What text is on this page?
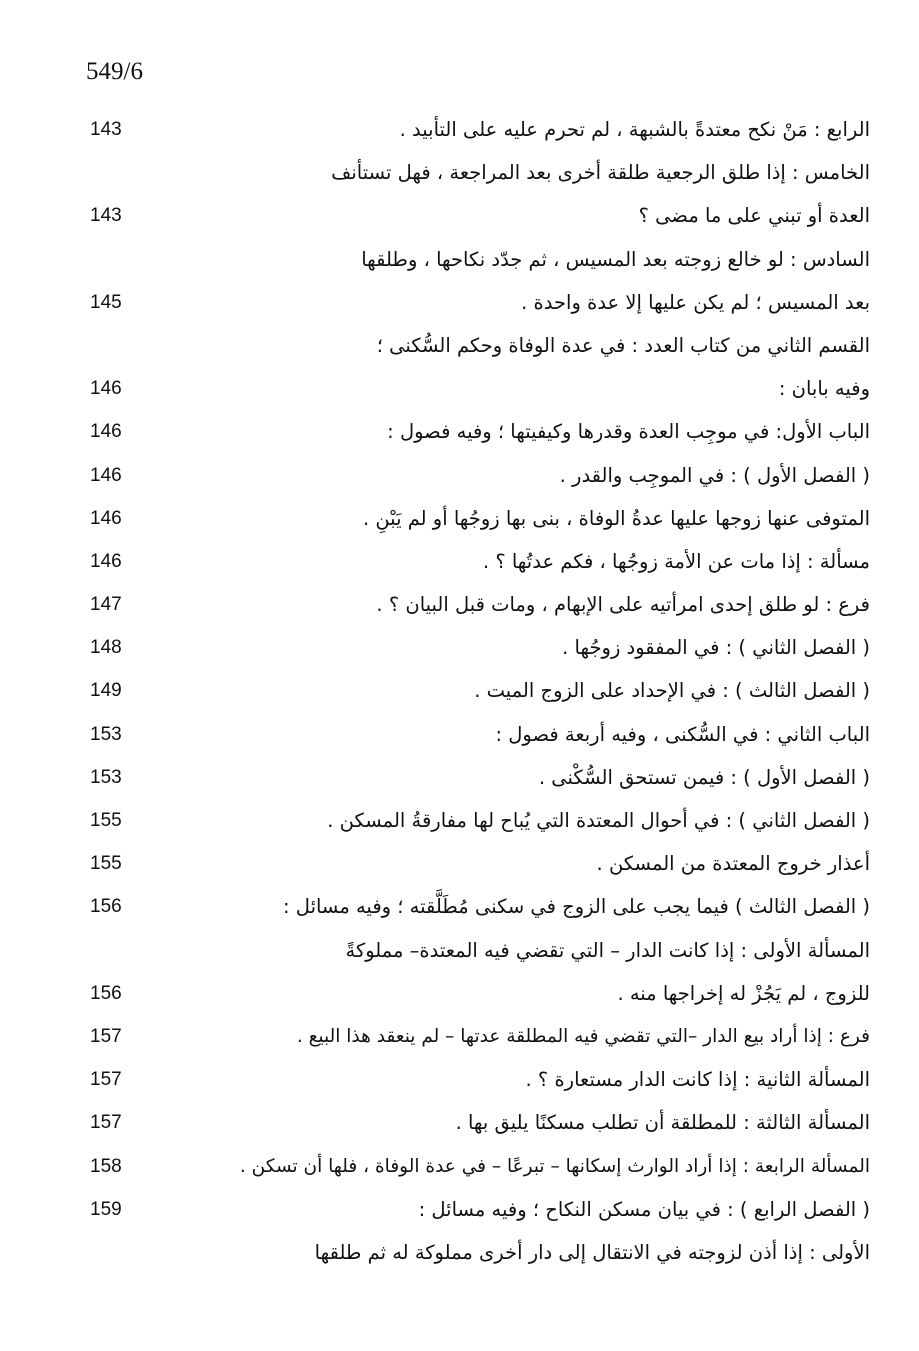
549/6
الرابع : مَنْ نكح معتدةً بالشبهة ، لم تحرم عليه على التأبيد .
143
الخامس : إذا طلق الرجعية طلقة أخرى بعد المراجعة ، فهل تستأنف
العدة أو تبني على ما مضى ؟
143
السادس : لو خالع زوجته بعد المسيس ، ثم جدّد نكاحها ، وطلقها
بعد المسيس ؛ لم يكن عليها إلا عدة واحدة .
145
القسم الثاني من كتاب العدد : في عدة الوفاة وحكم السُّكنى ؛
وفيه بابان :
146
الباب الأول: في موجِب العدة وقدرها وكيفيتها ؛ وفيه فصول :
146
( الفصل الأول ) : في الموجِب والقدر .
146
المتوفى عنها زوجها عليها عدةُ الوفاة ، بنى بها زوجُها أو لم يَبْنِ .
146
مسألة : إذا مات عن الأمة زوجُها ، فكم عدتُها ؟ .
146
فرع : لو طلق إحدى امرأتيه على الإبهام ، ومات قبل البيان ؟ .
147
( الفصل الثاني ) : في المفقود زوجُها .
148
( الفصل الثالث ) : في الإحداد على الزوج الميت .
149
الباب الثاني : في السُّكنى ، وفيه أربعة فصول :
153
( الفصل الأول ) : فيمن تستحق السُّكْنى .
153
( الفصل الثاني ) : في أحوال المعتدة التي يُباح لها مفارقةُ المسكن .
155
أعذار خروج المعتدة من المسكن .
155
( الفصل الثالث ) فيما يجب على الزوج في سكنى مُطَلَّقته ؛ وفيه مسائل :
156
المسألة الأولى : إذا كانت الدار – التي تقضي فيه المعتدة– مملوكةً
للزوج ، لم يَجُزْ له إخراجها منه .
156
فرع : إذا أراد بيع الدار –التي تقضي فيه المطلقة عدتها – لم ينعقد هذا البيع .
157
المسألة الثانية : إذا كانت الدار مستعارة ؟ .
157
المسألة الثالثة : للمطلقة أن تطلب مسكنًا يليق بها .
157
المسألة الرابعة : إذا أراد الوارث إسكانها – تبرعًا – في عدة الوفاة ، فلها أن تسكن .
158
( الفصل الرابع ) : في بيان مسكن النكاح ؛ وفيه مسائل :
159
الأولى : إذا أذن لزوجته في الانتقال إلى دار أخرى مملوكة له ثم طلقها
